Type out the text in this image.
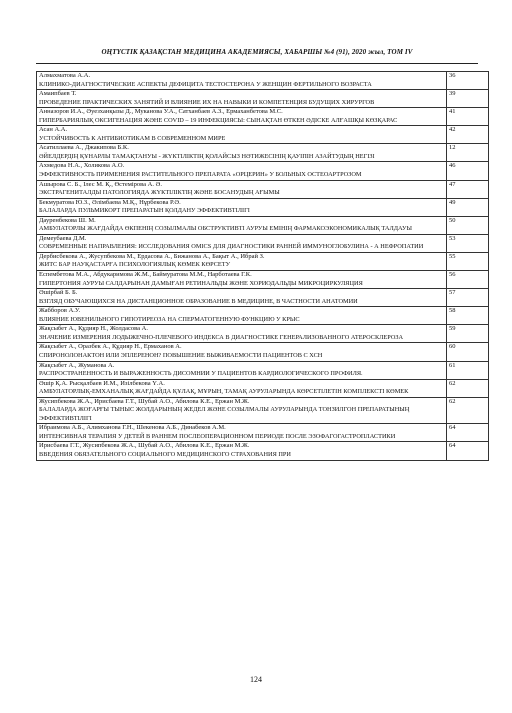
ОҢТҮСТІК ҚАЗАҚСТАН МЕДИЦИНА АКАДЕМИЯСЫ, ХАБАРШЫ №4 (91), 2020 жыл, ТОМ IV
Алмахматова А.А.
КЛИНИКО-ДИАГНОСТИЧЕСКИЕ АСПЕКТЫ ДЕФИЦИТА ТЕСТОСТЕРОНА У ЖЕНЩИН ФЕРТИЛЬНОГО ВОЗРАСТА	36

Амаипбаев Т.
ПРОВЕДЕНИЕ ПРАКТИЧЕСКИХ ЗАНЯТИЙ И ВЛИЯНИЕ ИХ НА НАВЫКИ И КОМПЕТЕНЦИЯ БУДУЩИХ ХИРУРГОВ	39

Анназоров И.А., Әуезханқызы Д., Муканова У.А., Сатханбаев А.З., Ермаханбетова М.С.
ГИПЕРБАРИЯЛЫҚ ОКСИГЕНАЦИЯ ЖӘНЕ COVID – 19 ИНФЕКЦИЯСЫ: СЫНАҚТАН ӨТКЕН ӘДІСКЕ АЛҒАШҚЫ КӨЗҚАРАС	41

Асан А.А.
УСТОЙЧИВОСТЬ К АНТИБИОТИКАМ В СОВРЕМЕННОМ МИРЕ	42

Асатиллаева А., Джакипова Б.К.
ӘЙЕЛДЕРДІҢ ҚҰНАРЛЫ ТАМАҚТАНУЫ - ЖҮКТІЛІКТІҢ ҚОЛАЙСЫЗ НӘТИЖЕСІНІҢ ҚАУІПІН АЗАЙТУДЫҢ НЕГІЗІ	12

Ахмедова Н.А., Холикова А.О.
ЭФФЕКТИВНОСТЬ ПРИМЕНЕНИЯ РАСТИТЕЛЬНОГО ПРЕПАРАТА «ОРЦЕРИН» У БОЛЬНЫХ ОСТЕОАРТРОЗОМ	46

Ашырова С. Б., Ілес М. Қ., Өстемірова А. Ә.
ЭКСТРАГЕНИТАЛДЫ ПАТОЛОГИЯДА ЖҮКТІЛІКТІҢ ЖӘНЕ БОСАНУДЫҢ АҒЫМЫ	47

Бекмуратова Ю.З., Әлімбаева М.Қ., Нұрбекова Р.Ә.
БАЛАЛАРДА ПУЛЬМИКОРТ ПРЕПАРАТЫН ҚОЛДАНУ ЭФФЕКТИВТІЛІГІ	49

Дауренбекова Ш. М.
АМБУЛАТОРЛЫ ЖАҒДАЙДА ӨКПЕНІҢ СОЗЫЛМАЛЫ ОБСТРУКТИВТІ АУРУЫ ЕМІНІҢ ФАРМАКОЭКОНОМИКАЛЫҚ ТАЛДАУЫ	50

Демеубаева Д.М.
СОВРЕМЕННЫЕ НАПРАВЛЕНИЯ: ИССЛЕДОВАНИЯ OMICS ДЛЯ ДИАГНОСТИКИ РАННЕЙ ИММУНОГЛОБУЛИНА - А НЕФРОПАТИИ	53

Дербисбекова А., Жусупбекова М., Ердасова А., Бижанова А., Бақыт А., Ибрай З.
ЖИТС БАР НАУҚАСТАРҒА ПСИХОЛОГИЯЛЫҚ КӨМЕК КӨРСЕТУ	55

Еспембетова М.А., Абдукаримова Ж.М., Баймуратова М.М., Нарботаева Г.К.
ГИПЕРТОНИЯ АУРУЫ САЛДАРЫНАН ДАМЫҒАН РЕТИНАЛЬДЫ ЖӘНЕ ХОРИОДАЛЬДЫ МИКРОЦИРКУЛЯЦИЯ	56

Әшірбай Б. Б.
ВЗГЛЯД ОБУЧАЮЩИХСЯ НА ДИСТАНЦИОННОЕ ОБРАЗОВАНИЕ В МЕДИЦИНЕ, В ЧАСТНОСТИ АНАТОМИИ	57

Жабборов А.У.
ВЛИЯНИЕ ЮВЕНИЛЬНОГО ГИПОТИРЕОЗА НА СПЕРМАТОГЕННУЮ ФУНКЦИЮ У КРЫС	58

Жақсыбет А., Құдияр Н., Жолдасова А.
ЗНАЧЕНИЕ ИЗМЕРЕНИЯ ЛОДЫЖЕЧНО-ПЛЕЧЕВОГО ИНДЕКСА В ДИАГНОСТИКЕ ГЕНЕРАЛИЗОВАННОГО АТЕРОСКЛЕРОЗА	59

Жақсыбет А., Оразбек А., Құдияр Н., Ермаханов А.
СПИРОНОЛОНАКТОН ИЛИ ЭПЛЕРЕНОН? ПОВЫШЕНИЕ ВЫЖИВАЕМОСТИ ПАЦИЕНТОВ С ХСН	60

Жақсыбет А., Жуманова А.
РАСПРОСТРАНЕННОСТЬ И ВЫРАЖЕННОСТЬ ДИСОМНИИ У ПАЦИЕНТОВ КАРДИОЛОГИЧЕСКОГО ПРОФИЛЯ.	61

Әшір Қ.А. Рысқалбаев И.М., Изілбекова Ү.А.
АМБУЛАТОРЛЫҚ-ЕМХАНАЛЫҚ ЖАҒДАЙДА ҚҰЛАҚ, МҰРЫН, ТАМАҚ АУРУЛАРЫНДА КӨРСЕТІЛЕТІН КОМПЛЕКСТІ КӨМЕК	62

Жусипбекова Ж.А., Ирисбаева Г.Т., Шубай А.О., Абилова К.Е., Ержан М.Ж.
БАЛАЛАРДА ЖОҒАРҒЫ ТЫНЫС ЖОЛДАРЫНЫҢ ЖЕДЕЛ ЖӘНЕ СОЗЫЛМАЛЫ АУРУЛАРЫНДА ТОНЗИЛГОН ПРЕПАРАТЫНЫҢ ЭФФЕКТИВТІЛІГІ	62

Ибраимова А.Б., Алимханова Г.Н., Шекенова А.Б., Динабеков А.М.
ИНТЕНСИВНАЯ ТЕРАПИЯ У ДЕТЕЙ В РАННЕМ ПОСЛЕОПЕРАЦИОННОМ ПЕРИОДЕ ПОСЛЕ ЭЗОФАГОГАСТРОПЛАСТИКИ	64

Ирисбаева Г.Т., Жусипбекова Ж.А., Шубай А.О., Абилова К.Е., Ержан М.Ж.
ВВЕДЕНИЯ ОБЯЗАТЕЛЬНОГО СОЦИАЛЬНОГО МЕДИЦИНСКОГО СТРАХОВАНИЯ ПРИ	64
124
